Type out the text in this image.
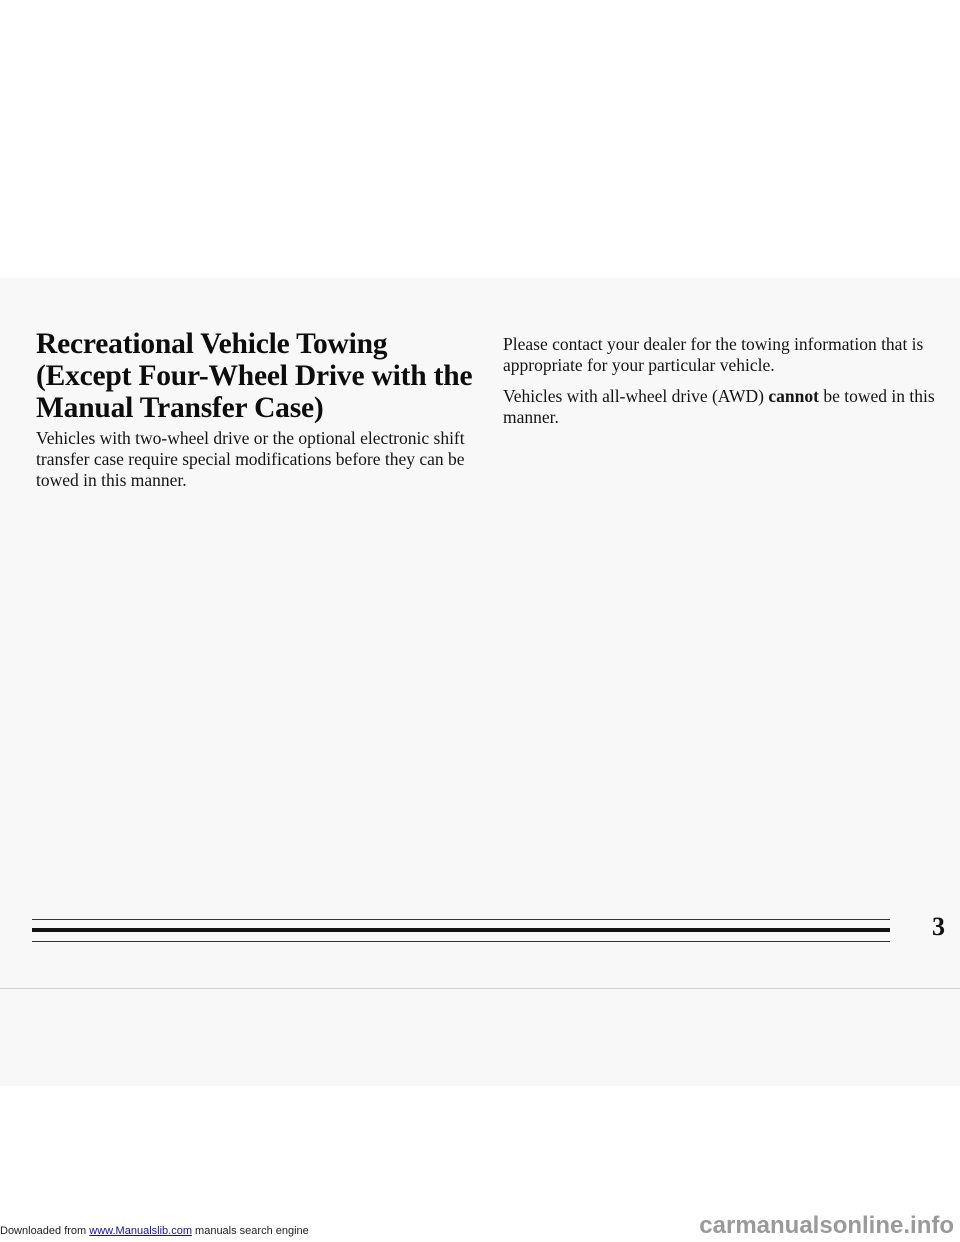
Recreational Vehicle Towing (Except Four-Wheel Drive with the Manual Transfer Case)

Vehicles with two-wheel drive or the optional electronic shift transfer case require special modifications before they can be towed in this manner.

Please contact your dealer for the towing information that is appropriate for your particular vehicle.

Vehicles with all-wheel drive (AWD) cannot be towed in this manner.

3

Downloaded from www.Manualslib.com manuals search engine	carmanualsonline.info
